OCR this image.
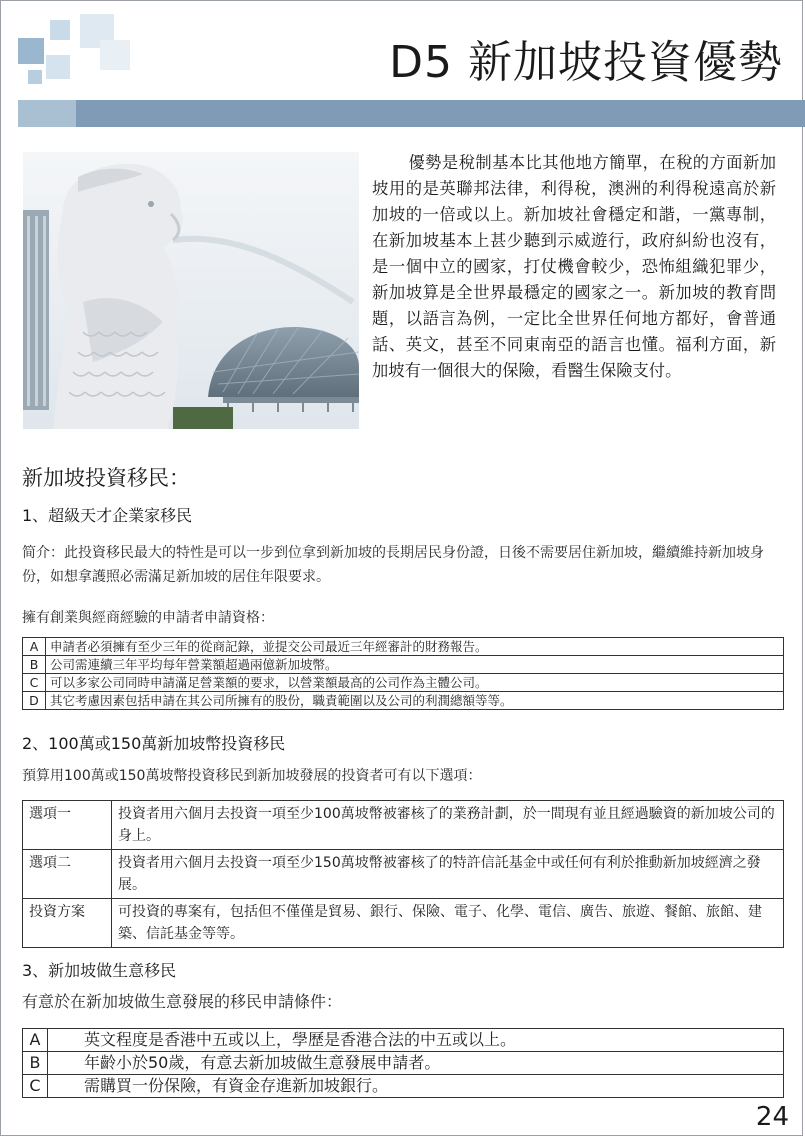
D5 新加坡投資優勢
優勢是稅制基本比其他地方簡單，在稅的方面新加坡用的是英聯邦法律，利得稅，澳洲的利得稅遠高於新加坡的一倍或以上。新加坡社會穩定和諧，一黨專制，在新加坡基本上甚少聽到示威遊行，政府糾紛也沒有，是一個中立的國家，打仗機會較少，恐怖組織犯罪少，新加坡算是全世界最穩定的國家之一。新加坡的教育問題，以語言為例，一定比全世界任何地方都好，會普通話、英文，甚至不同東南亞的語言也懂。福利方面，新加坡有一個很大的保險，看醫生保險支付。
新加坡投資移民：
1、超級天才企業家移民
简介：此投資移民最大的特性是可以一步到位拿到新加坡的長期居民身份證，日後不需要居住新加坡，繼續維持新加坡身份，如想拿護照必需滿足新加坡的居住年限要求。
擁有創業與經商經驗的申請者申請資格：
A	申請者必須擁有至少三年的從商記錄，並提交公司最近三年經審計的財務報告。
B	公司需連續三年平均每年營業額超過兩億新加坡幣。
C	可以多家公司同時申請滿足營業額的要求，以營業額最高的公司作為主體公司。
D	其它考慮因素包括申請在其公司所擁有的股份，職責範圍以及公司的利潤總額等等。
2、100萬或150萬新加坡幣投資移民
預算用100萬或150萬坡幣投資移民到新加坡發展的投資者可有以下選項：
選項一	投資者用六個月去投資一項至少100萬坡幣被審核了的業務計劃，於一間現有並且經過驗資的新加坡公司的身上。
選項二	投資者用六個月去投資一項至少150萬坡幣被審核了的特許信託基金中或任何有利於推動新加坡經濟之發展。
投資方案	可投資的專案有，包括但不僅僅是貿易、銀行、保險、電子、化學、電信、廣告、旅遊、餐館、旅館、建築、信託基金等等。
3、新加坡做生意移民
有意於在新加坡做生意發展的移民申請條件：
A	英文程度是香港中五或以上，學歷是香港合法的中五或以上。
B	年齡小於50歲，有意去新加坡做生意發展申請者。
C	需購買一份保險，有資金存進新加坡銀行。
24
